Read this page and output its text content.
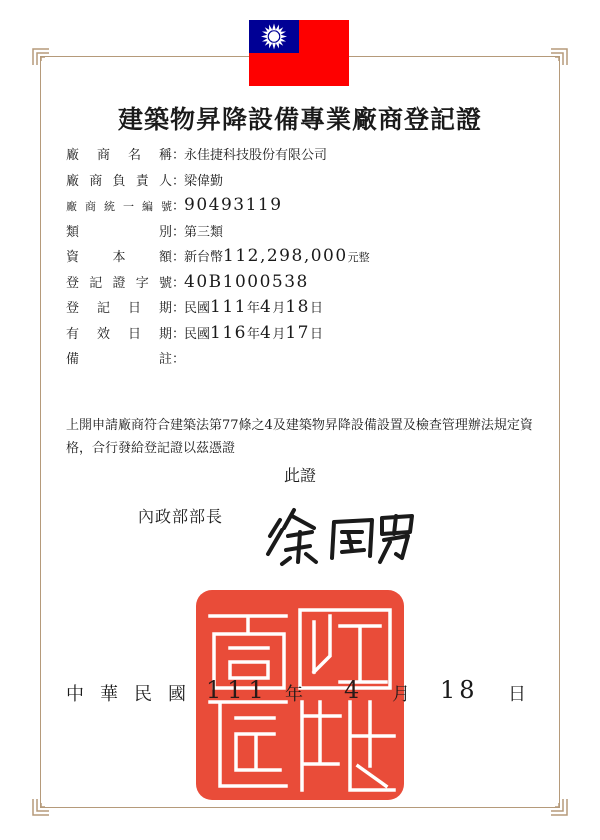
建築物昇降設備專業廠商登記證
廠 商 名 稱 ：
永佳捷科技股份有限公司
廠 商 負 責 人 ：
梁偉勤
廠 商 統 一 編 號 ：
90493119
類	別 ：
第三類
資	本	額 ：
新台幣112,298,000元整
登 記 證 字 號 ：
40B1000538
登 記 日 期 ：
民國111年4月18日
有 效 日 期 ：
民國116年4月17日
備	註 ：
上開申請廠商符合建築法第77條之4及建築物昇降設備設置及檢查管理辦法規定資格，合行發給登記證以茲憑證
此證
內政部部長
徐國勇
內政部印
中華民國 111 年 4 月 18 日
